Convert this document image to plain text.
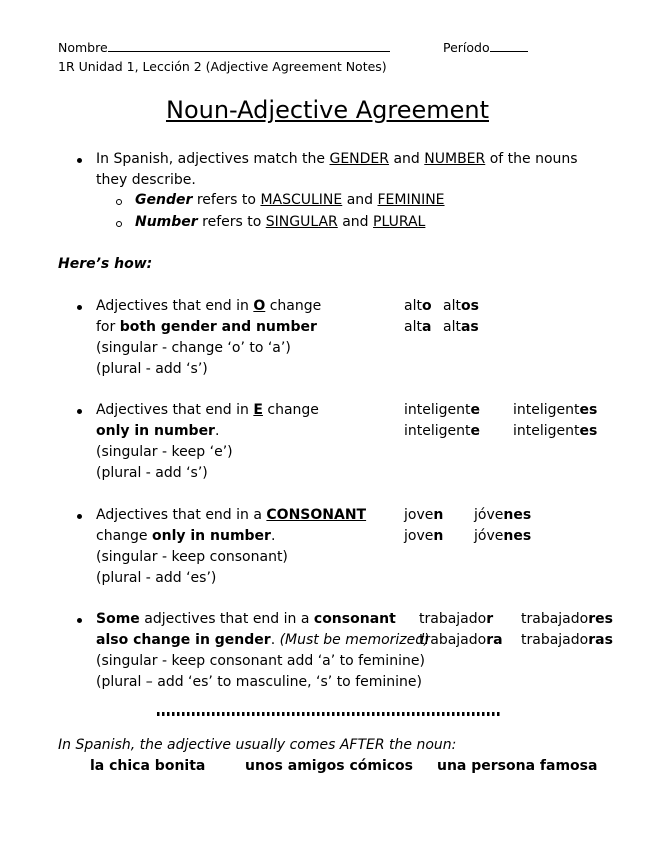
Nombre	Período
1R Unidad 1, Lección 2 (Adjective Agreement Notes)
Noun-Adjective Agreement
In Spanish, adjectives match the GENDER and NUMBER of the nouns
they describe.
Gender refers to MASCULINE and FEMININE
Number refers to SINGULAR and PLURAL
Here’s how:
Adjectives that end in O change
for both gender and number
(singular - change ‘o’ to ‘a’)
(plural - add ‘s’)
alto altos
alta altas
Adjectives that end in E change
only in number.
(singular - keep ‘e’)
(plural - add ‘s’)
inteligente inteligentes
inteligente inteligentes
Adjectives that end in a CONSONANT
change only in number.
(singular - keep consonant)
(plural - add ‘es’)
joven jóvenes
joven jóvenes
Some adjectives that end in a consonant
also change in gender. (Must be memorized)
(singular - keep consonant add ‘a’ to feminine)
(plural – add ‘es’ to masculine, ‘s’ to feminine)
trabajador trabajadores
trabajadora trabajadoras
In Spanish, the adjective usually comes AFTER the noun:
la chica bonita	unos amigos cómicos una persona famosa
